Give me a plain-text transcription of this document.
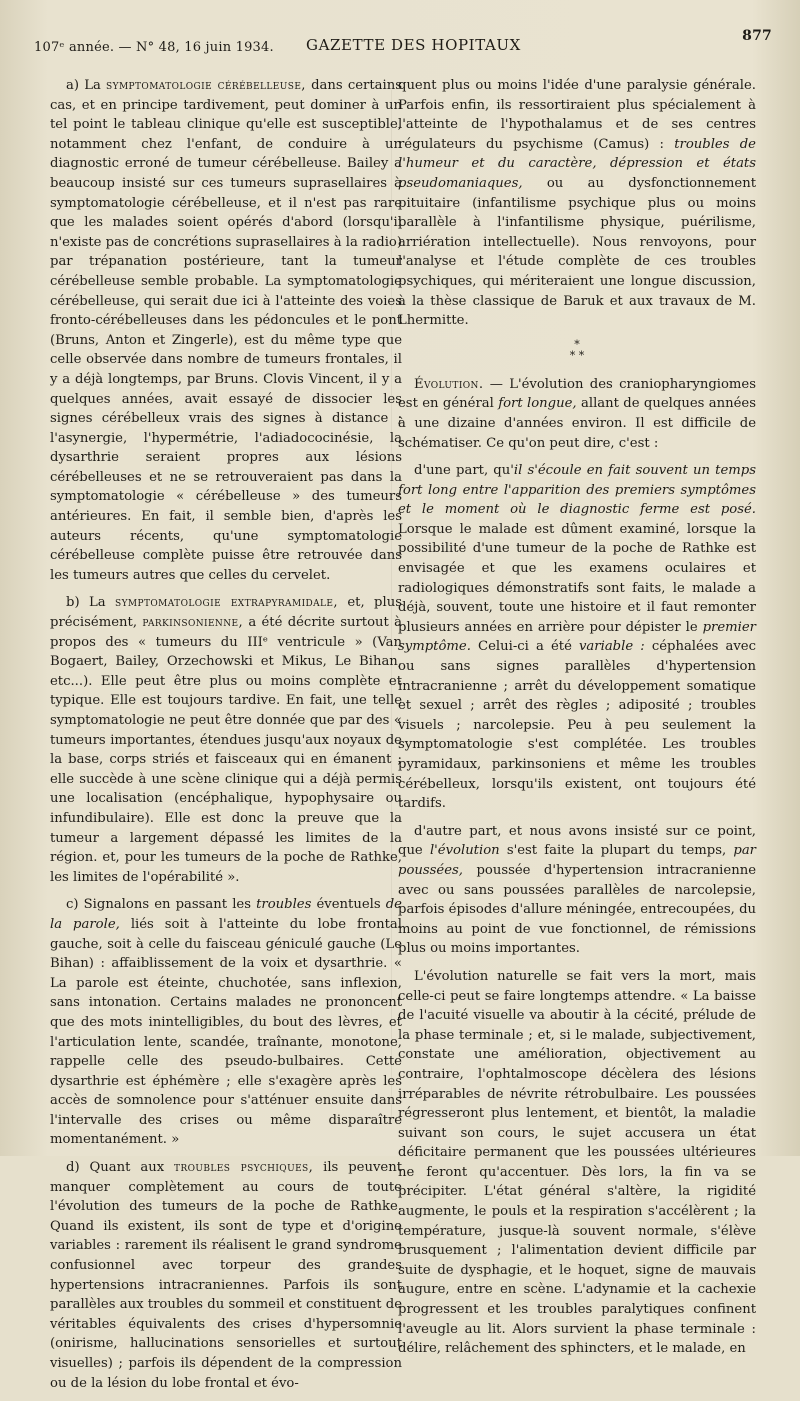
107ᵉ année. — N° 48, 16 juin 1934. GAZETTE DES HOPITAUX	877

a) La symptomatologie cérébelleuse, dans certains cas, et en principe tardivement, peut dominer à un tel point le tableau clinique qu'elle est susceptible, notamment chez l'enfant, de conduire à un diagnostic erroné de tumeur cérébelleuse. Bailey a beaucoup insisté sur ces tumeurs suprasellaires à symptomatologie cérébelleuse, et il n'est pas rare que les malades soient opérés d'abord (lorsqu'il n'existe pas de concrétions suprasellaires à la radio) par trépanation postérieure, tant la tumeur cérébelleuse semble probable. La symptomatologie cérébelleuse, qui serait due ici à l'atteinte des voies fronto-cérébelleuses dans les pédoncules et le pont (Bruns, Anton et Zingerle), est du même type que celle observée dans nombre de tumeurs frontales, il y a déjà longtemps, par Bruns. Clovis Vincent, il y a quelques années, avait essayé de dissocier les signes cérébelleux vrais des signes à distance ; l'asynergie, l'hypermétrie, l'adiadococinésie, la dysarthrie seraient propres aux lésions cérébelleuses et ne se retrouveraient pas dans la symptomatologie « cérébelleuse » des tumeurs antérieures. En fait, il semble bien, d'après les auteurs récents, qu'une symptomatologie cérébelleuse complète puisse être retrouvée dans les tumeurs autres que celles du cervelet.

b) La symptomatologie extrapyramidale, et, plus précisément, parkinsonienne, a été décrite surtout à propos des « tumeurs du IIIᵉ ventricule » (Van Bogaert, Bailey, Orzechowski et Mikus, Le Bihan, etc...). Elle peut être plus ou moins complète et typique. Elle est toujours tardive. En fait, une telle symptomatologie ne peut être donnée que par des « tumeurs importantes, étendues jusqu'aux noyaux de la base, corps striés et faisceaux qui en émanent ; elle succède à une scène clinique qui a déjà permis une localisation (encéphalique, hypophysaire ou infundibulaire). Elle est donc la preuve que la tumeur a largement dépassé les limites de la région. et, pour les tumeurs de la poche de Rathke, les limites de l'opérabilité ».

c) Signalons en passant les troubles éventuels de la parole, liés soit à l'atteinte du lobe frontal gauche, soit à celle du faisceau géniculé gauche (Le Bihan) : affaiblissement de la voix et dysarthrie. « La parole est éteinte, chuchotée, sans inflexion, sans intonation. Certains malades ne prononcent que des mots inintelligibles, du bout des lèvres, et l'articulation lente, scandée, traînante, monotone, rappelle celle des pseudo-bulbaires. Cette dysarthrie est éphémère ; elle s'exagère après les accès de somnolence pour s'atténuer ensuite dans l'intervalle des crises ou même disparaître momentanément. »

d) Quant aux troubles psychiques, ils peuvent manquer complètement au cours de toute l'évolution des tumeurs de la poche de Rathke. Quand ils existent, ils sont de type et d'origine variables : rarement ils réalisent le grand syndrome confusionnel avec torpeur des grandes hypertensions intracraniennes. Parfois ils sont parallèles aux troubles du sommeil et constituent de véritables équivalents des crises d'hypersomnie (onirisme, hallucinations sensorielles et surtout visuelles) ; parfois ils dépendent de la compression ou de la lésion du lobe frontal et évo-

quent plus ou moins l'idée d'une paralysie générale. Parfois enfin, ils ressortiraient plus spécialement à l'atteinte de l'hypothalamus et de ses centres régulateurs du psychisme (Camus) : troubles de l'humeur et du caractère, dépression et états pseudomaniaques, ou au dysfonctionnement pituitaire (infantilisme psychique plus ou moins parallèle à l'infantilisme physique, puérilisme, arriération intellectuelle). Nous renvoyons, pour l'analyse et l'étude complète de ces troubles psychiques, qui mériteraient une longue discussion, à la thèse classique de Baruk et aux travaux de M. Lhermitte.

*
* *

Évolution. — L'évolution des craniopharyngiomes est en général fort longue, allant de quelques années à une dizaine d'années environ. Il est difficile de schématiser. Ce qu'on peut dire, c'est :

d'une part, qu'il s'écoule en fait souvent un temps fort long entre l'apparition des premiers symptômes et le moment où le diagnostic ferme est posé. Lorsque le malade est dûment examiné, lorsque la possibilité d'une tumeur de la poche de Rathke est envisagée et que les examens oculaires et radiologiques démonstratifs sont faits, le malade a déjà, souvent, toute une histoire et il faut remonter plusieurs années en arrière pour dépister le premier symptôme. Celui-ci a été variable : céphalées avec ou sans signes parallèles d'hypertension intracranienne ; arrêt du développement somatique et sexuel ; arrêt des règles ; adiposité ; troubles visuels ; narcolepsie. Peu à peu seulement la symptomatologie s'est complétée. Les troubles pyramidaux, parkinsoniens et même les troubles cérébelleux, lorsqu'ils existent, ont toujours été tardifs.

d'autre part, et nous avons insisté sur ce point, que l'évolution s'est faite la plupart du temps, par poussées, poussée d'hypertension intracranienne avec ou sans poussées parallèles de narcolepsie, parfois épisodes d'allure méningée, entrecoupées, du moins au point de vue fonctionnel, de rémissions plus ou moins importantes.

L'évolution naturelle se fait vers la mort, mais celle-ci peut se faire longtemps attendre. « La baisse de l'acuité visuelle va aboutir à la cécité, prélude de la phase terminale ; et, si le malade, subjectivement, constate une amélioration, objectivement au contraire, l'ophtalmoscope décèlera des lésions irréparables de névrite rétrobulbaire. Les poussées régresseront plus lentement, et bientôt, la maladie suivant son cours, le sujet accusera un état déficitaire permanent que les poussées ultérieures ne feront qu'accentuer. Dès lors, la fin va se précipiter. L'état général s'altère, la rigidité augmente, le pouls et la respiration s'accélèrent ; la température, jusque-là souvent normale, s'élève brusquement ; l'alimentation devient difficile par suite de dysphagie, et le hoquet, signe de mauvais augure, entre en scène. L'adynamie et la cachexie progressent et les troubles paralytiques confinent l'aveugle au lit. Alors survient la phase terminale : délire, relâchement des sphincters, et le malade, en
